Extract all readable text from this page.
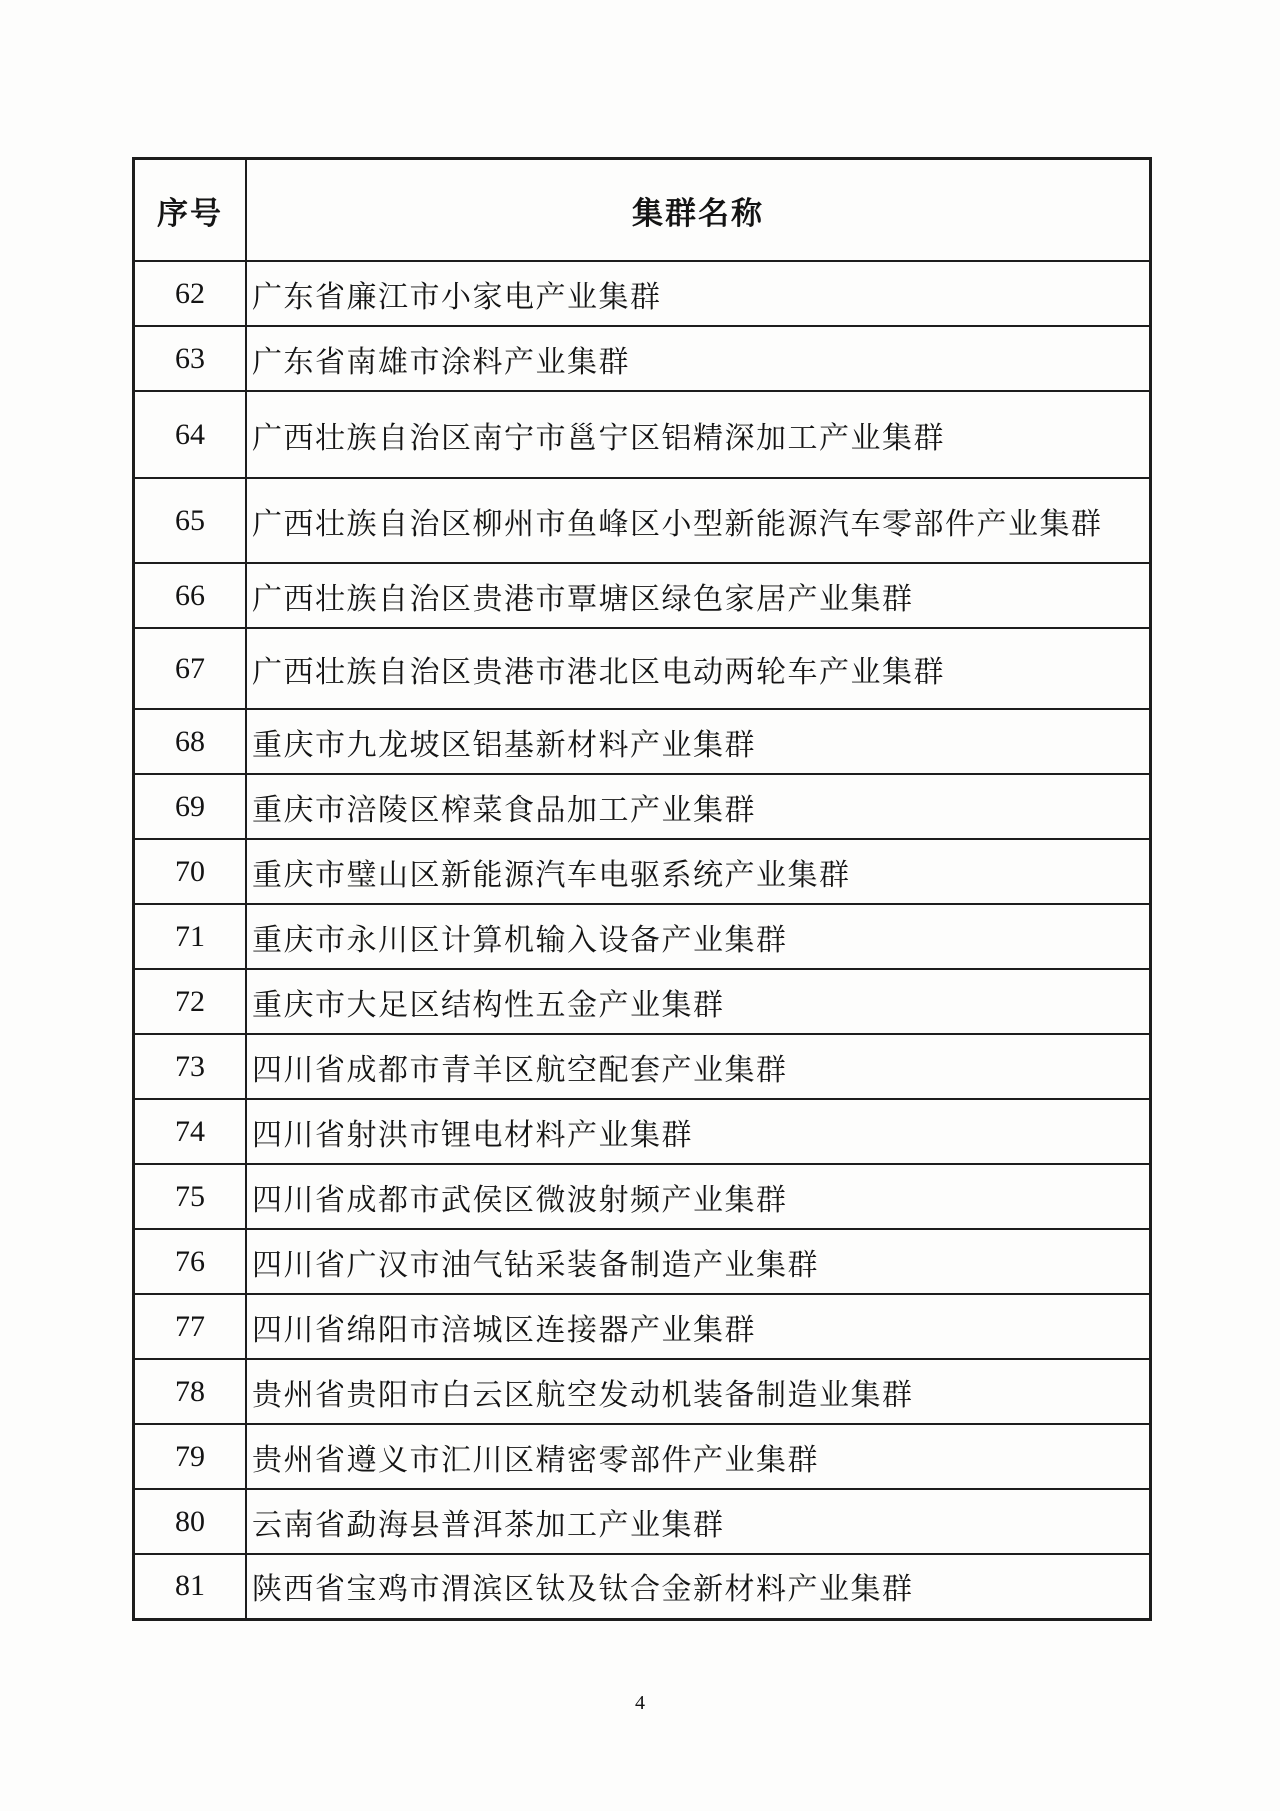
序号	集群名称
62	广东省廉江市小家电产业集群
63	广东省南雄市涂料产业集群
64	广西壮族自治区南宁市邕宁区铝精深加工产业集群
65	广西壮族自治区柳州市鱼峰区小型新能源汽车零部件产业集群
66	广西壮族自治区贵港市覃塘区绿色家居产业集群
67	广西壮族自治区贵港市港北区电动两轮车产业集群
68	重庆市九龙坡区铝基新材料产业集群
69	重庆市涪陵区榨菜食品加工产业集群
70	重庆市璧山区新能源汽车电驱系统产业集群
71	重庆市永川区计算机输入设备产业集群
72	重庆市大足区结构性五金产业集群
73	四川省成都市青羊区航空配套产业集群
74	四川省射洪市锂电材料产业集群
75	四川省成都市武侯区微波射频产业集群
76	四川省广汉市油气钻采装备制造产业集群
77	四川省绵阳市涪城区连接器产业集群
78	贵州省贵阳市白云区航空发动机装备制造业集群
79	贵州省遵义市汇川区精密零部件产业集群
80	云南省勐海县普洱茶加工产业集群
81	陕西省宝鸡市渭滨区钛及钛合金新材料产业集群
4
